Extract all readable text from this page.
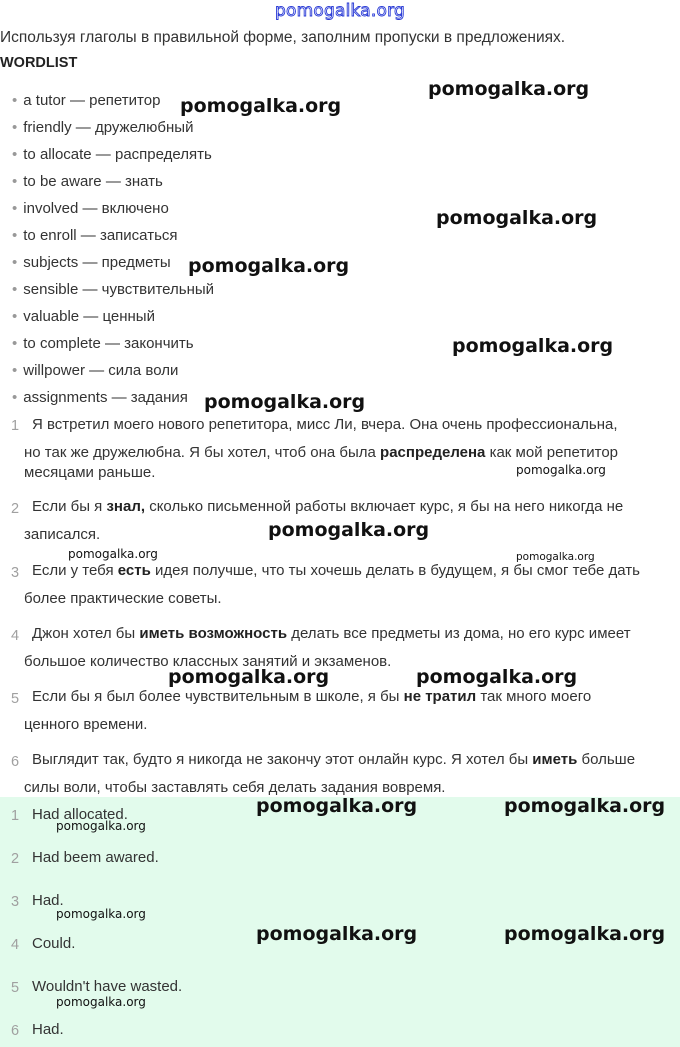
pomogalka.org
Используя глаголы в правильной форме, заполним пропуски в предложениях.
WORDLIST
• a tutor — репетитор
• friendly — дружелюбный
• to allocate — распределять
• to be aware — знать
• involved — включено
• to enroll — записаться
• subjects — предметы
• sensible — чувствительный
• valuable — ценный
• to complete — закончить
• willpower — сила воли
• assignments — задания
1 Я встретил моего нового репетитора, мисс Ли, вчера. Она очень профессиональна,
но так же дружелюбна. Я бы хотел, чтоб она была распределена как мой репетитор
месяцами раньше.
2 Если бы я знал, сколько письменной работы включает курс, я бы на него никогда не
записался.
3 Если у тебя есть идея получше, что ты хочешь делать в будущем, я бы смог тебе дать
более практические советы.
4 Джон хотел бы иметь возможность делать все предметы из дома, но его курс имеет
большое количество классных занятий и экзаменов.
5 Если бы я был более чувствительным в школе, я бы не тратил так много моего
ценного времени.
6 Выглядит так, будто я никогда не закончу этот онлайн курс. Я хотел бы иметь больше
силы воли, чтобы заставлять себя делать задания вовремя.
1 Had allocated.
2 Had beem awared.
3 Had.
4 Could.
5 Wouldn't have wasted.
6 Had.
pomogalka.org
pomogalka.org
pomogalka.org
pomogalka.org
pomogalka.org
pomogalka.org
pomogalka.org
pomogalka.org	pomogalka.org
pomogalka.org	pomogalka.org
pomogalka.org	pomogalka.org
pomogalka.org
pomogalka.org	pomogalka.org
pomogalka.org
pomogalka.org
pomogalka.org
